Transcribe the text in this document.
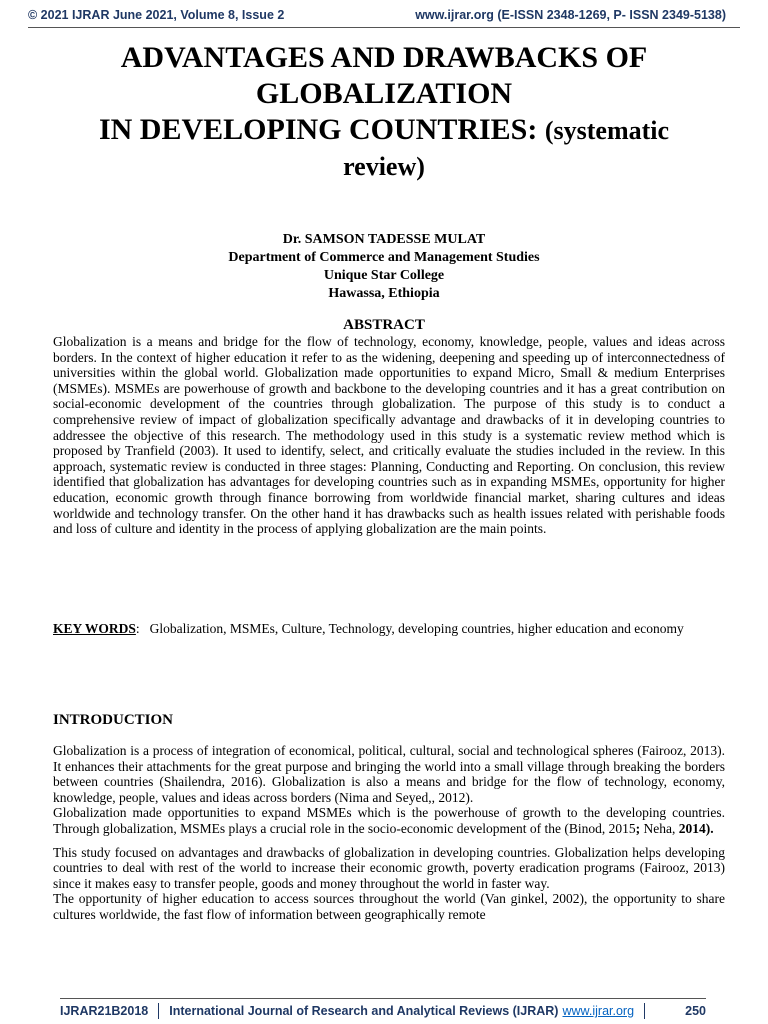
© 2021 IJRAR June 2021, Volume 8, Issue 2	www.ijrar.org (E-ISSN 2348-1269, P- ISSN 2349-5138)
ADVANTAGES AND DRAWBACKS OF
GLOBALIZATION
IN DEVELOPING COUNTRIES: (systematic
review)
Dr. SAMSON TADESSE MULAT
Department of Commerce and Management Studies
Unique Star College
Hawassa, Ethiopia
ABSTRACT
Globalization is a means and bridge for the flow of technology, economy, knowledge, people, values and ideas across borders. In the context of higher education it refer to as the widening, deepening and speeding up of interconnectedness of universities within the global world. Globalization made opportunities to expand Micro, Small & medium Enterprises (MSMEs). MSMEs are powerhouse of growth and backbone to the developing countries and it has a great contribution on social-economic development of the countries through globalization. The purpose of this study is to conduct a comprehensive review of impact of globalization specifically advantage and drawbacks of it in developing countries to addressee the objective of this research. The methodology used in this study is a systematic review method which is proposed by Tranfield (2003). It used to identify, select, and critically evaluate the studies included in the review. In this approach, systematic review is conducted in three stages: Planning, Conducting and Reporting. On conclusion, this review identified that globalization has advantages for developing countries such as in expanding MSMEs, opportunity for higher education, economic growth through finance borrowing from worldwide financial market, sharing cultures and ideas worldwide and technology transfer. On the other hand it has drawbacks such as health issues related with perishable foods and loss of culture and identity in the process of applying globalization are the main points.
KEY WORDS : Globalization, MSMEs, Culture, Technology, developing countries, higher education and economy
INTRODUCTION

Globalization is a process of integration of economical, political, cultural, social and technological spheres (Fairooz, 2013). It enhances their attachments for the great purpose and bringing the world into a small village through breaking the borders between countries (Shailendra, 2016). Globalization is also a means and bridge for the flow of technology, economy, knowledge, people, values and ideas across borders (Nima and Seyed,, 2012).

Globalization made opportunities to expand MSMEs which is the powerhouse of growth to the developing countries. Through globalization, MSMEs plays a crucial role in the socio-economic development of the (Binod, 2015; Neha, 2014).

This study focused on advantages and drawbacks of globalization in developing countries. Globalization helps developing countries to deal with rest of the world to increase their economic growth, poverty eradication programs (Fairooz, 2013) since it makes easy to transfer people, goods and money throughout the world in faster way.

The opportunity of higher education to access sources throughout the world (Van ginkel, 2002), the opportunity to share cultures worldwide, the fast flow of information between geographically remote

IJRAR21B2018 International Journal of Research and Analytical Reviews (IJRAR) www.ijrar.org	250
